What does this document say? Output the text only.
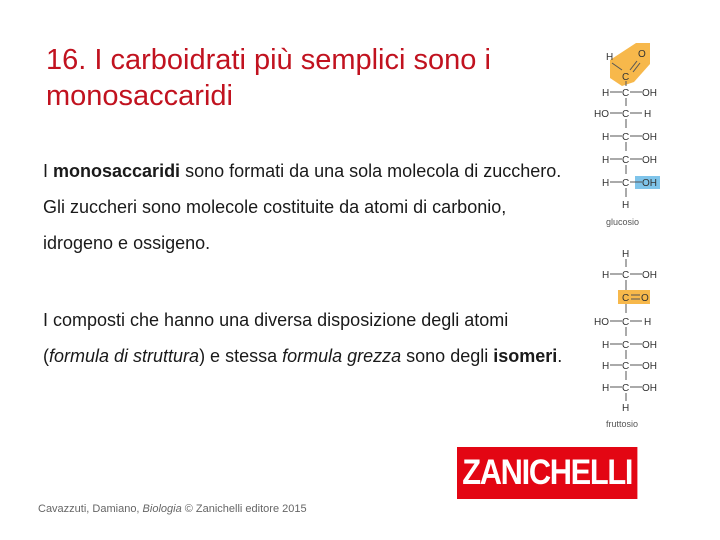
16. I carboidrati più semplici sono i monosaccaridi
I monosaccaridi sono formati da una sola molecola di zucchero. Gli zuccheri sono molecole costituite da atomi di carbonio, idrogeno e ossigeno.
I composti che hanno una diversa disposizione degli atomi (formula di struttura) e stessa formula grezza sono degli isomeri.
H
C
O
H C OH
HO C H
H C OH
H C OH
H C OH
H
glucosio
H
H C OH
C O
HO C H
H C OH
H C OH
H C OH
H
fruttosio
ZANICHELLI
Cavazzuti, Damiano, Biologia © Zanichelli editore 2015
